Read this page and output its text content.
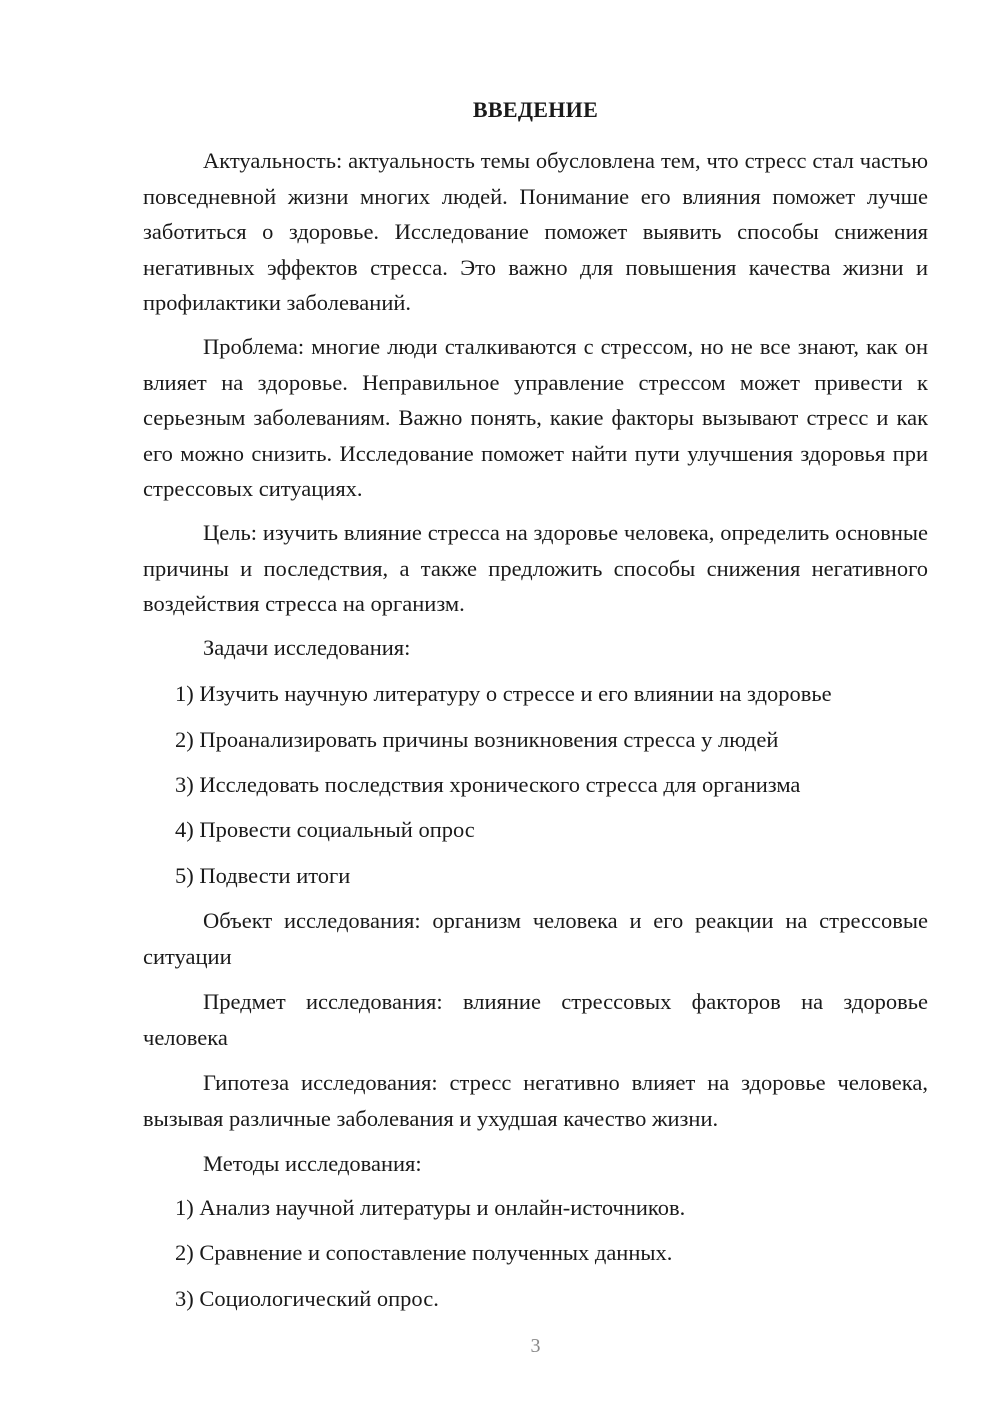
ВВЕДЕНИЕ

Актуальность: актуальность темы обусловлена тем, что стресс стал частью повседневной жизни многих людей. Понимание его влияния поможет лучше заботиться о здоровье. Исследование поможет выявить способы снижения негативных эффектов стресса. Это важно для повышения качества жизни и профилактики заболеваний.

Проблема: многие люди сталкиваются с стрессом, но не все знают, как он влияет на здоровье. Неправильное управление стрессом может привести к серьезным заболеваниям. Важно понять, какие факторы вызывают стресс и как его можно снизить. Исследование поможет найти пути улучшения здоровья при стрессовых ситуациях.

Цель: изучить влияние стресса на здоровье человека, определить основные причины и последствия, а также предложить способы снижения негативного воздействия стресса на организм.

Задачи исследования:

1) Изучить научную литературу о стрессе и его влиянии на здоровье

2) Проанализировать причины возникновения стресса у людей

3) Исследовать последствия хронического стресса для организма

4) Провести социальный опрос

5) Подвести итоги

Объект исследования: организм человека и его реакции на стрессовые ситуации

Предмет исследования: влияние стрессовых факторов на здоровье человека

Гипотеза исследования: стресс негативно влияет на здоровье человека, вызывая различные заболевания и ухудшая качество жизни.

Методы исследования:

1) Анализ научной литературы и онлайн-источников.

2) Сравнение и сопоставление полученных данных.

3) Социологический опрос.

3
